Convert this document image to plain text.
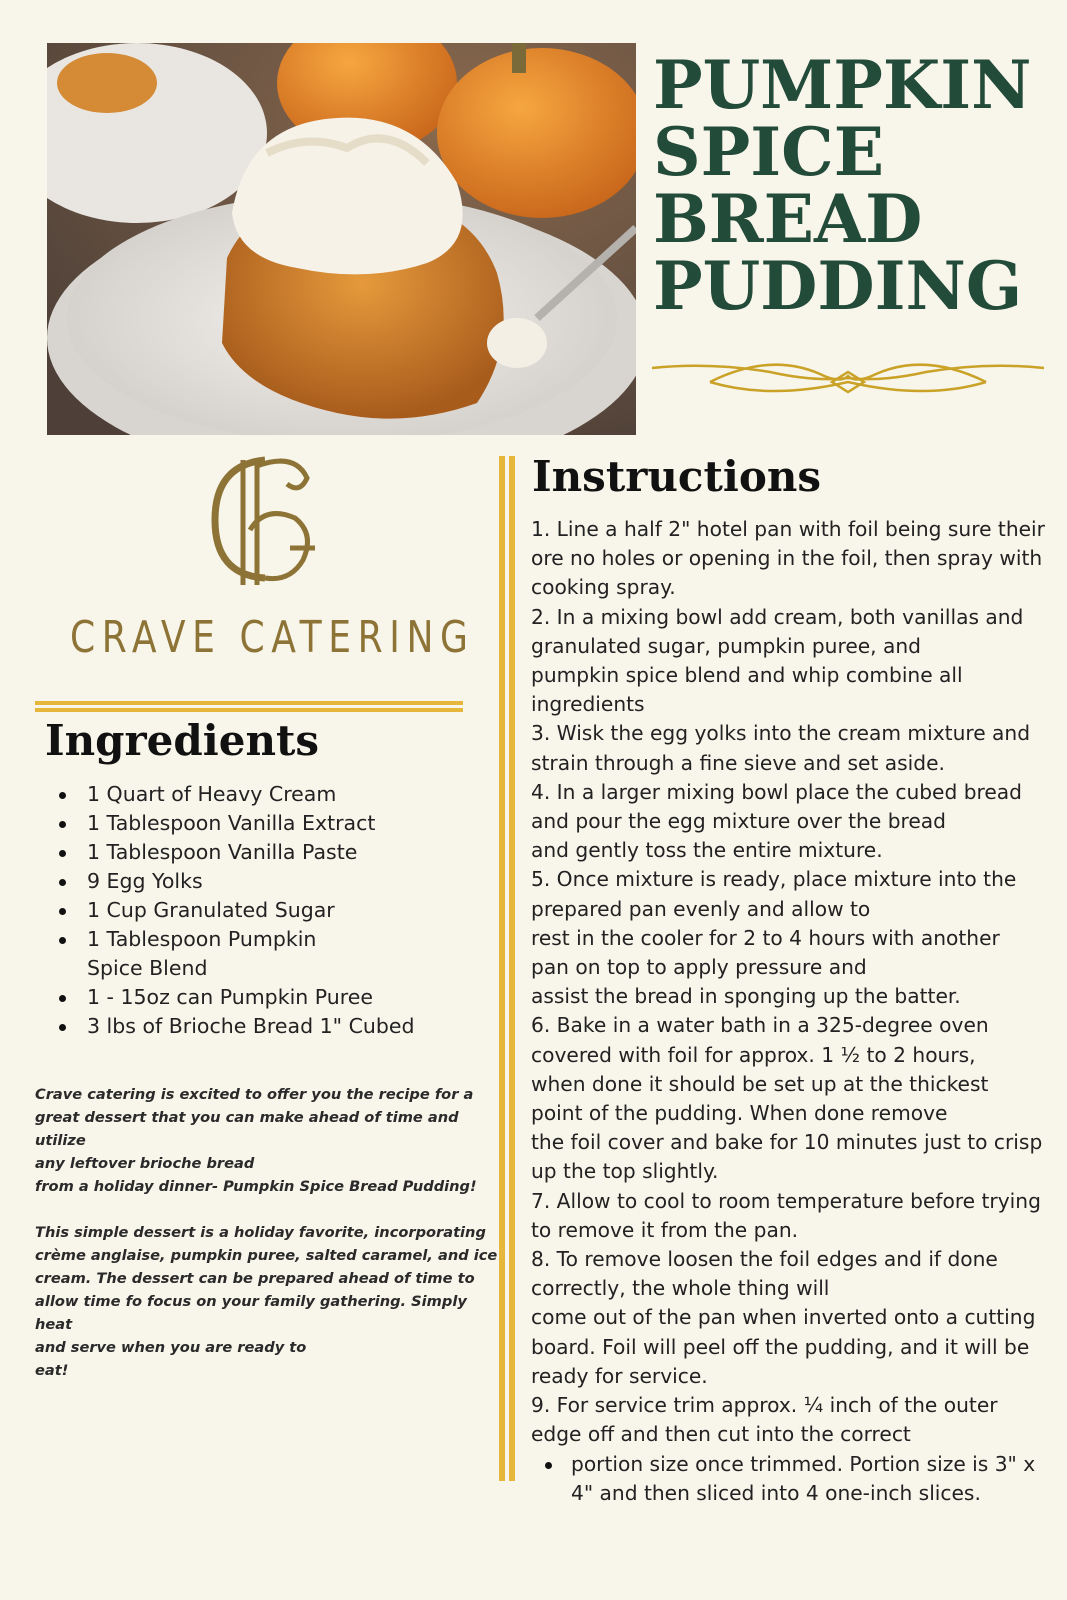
PUMPKIN
SPICE
BREAD
PUDDING
CRAVE CATERING
Ingredients
1 Quart of Heavy Cream
1 Tablespoon Vanilla Extract
1 Tablespoon Vanilla Paste
9 Egg Yolks
1 Cup Granulated Sugar
1 Tablespoon Pumpkin Spice Blend
1 - 15oz can Pumpkin Puree
3 lbs of Brioche Bread 1" Cubed

Crave catering is excited to offer you the recipe for a

great dessert that you can make ahead of time and utilize

any leftover brioche bread

from a holiday dinner- Pumpkin Spice Bread Pudding!

This simple dessert is a holiday favorite, incorporating

crème anglaise, pumpkin puree, salted caramel, and ice

cream. The dessert can be prepared ahead of time to

allow time fo focus on your family gathering. Simply heat

and serve when you are ready to

eat!

Instructions

1. Line a half 2" hotel pan with foil being sure their

ore no holes or opening in the foil, then spray with

cooking spray.

2. In a mixing bowl add cream, both vanillas and

granulated sugar, pumpkin puree, and

pumpkin spice blend and whip combine all

ingredients

3. Wisk the egg yolks into the cream mixture and

strain through a fine sieve and set aside.

4. In a larger mixing bowl place the cubed bread

and pour the egg mixture over the bread

and gently toss the entire mixture.

5. Once mixture is ready, place mixture into the

prepared pan evenly and allow to

rest in the cooler for 2 to 4 hours with another

pan on top to apply pressure and

assist the bread in sponging up the batter.

6. Bake in a water bath in a 325-degree oven

covered with foil for approx. 1 ½ to 2 hours,

when done it should be set up at the thickest

point of the pudding. When done remove

the foil cover and bake for 10 minutes just to crisp

up the top slightly.

7. Allow to cool to room temperature before trying

to remove it from the pan.

8. To remove loosen the foil edges and if done

correctly, the whole thing will

come out of the pan when inverted onto a cutting

board. Foil will peel off the pudding, and it will be

ready for service.

9. For service trim approx. ¼ inch of the outer

edge off and then cut into the correct

portion size once trimmed. Portion size is 3" x 4" and then sliced into 4 one-inch slices.
